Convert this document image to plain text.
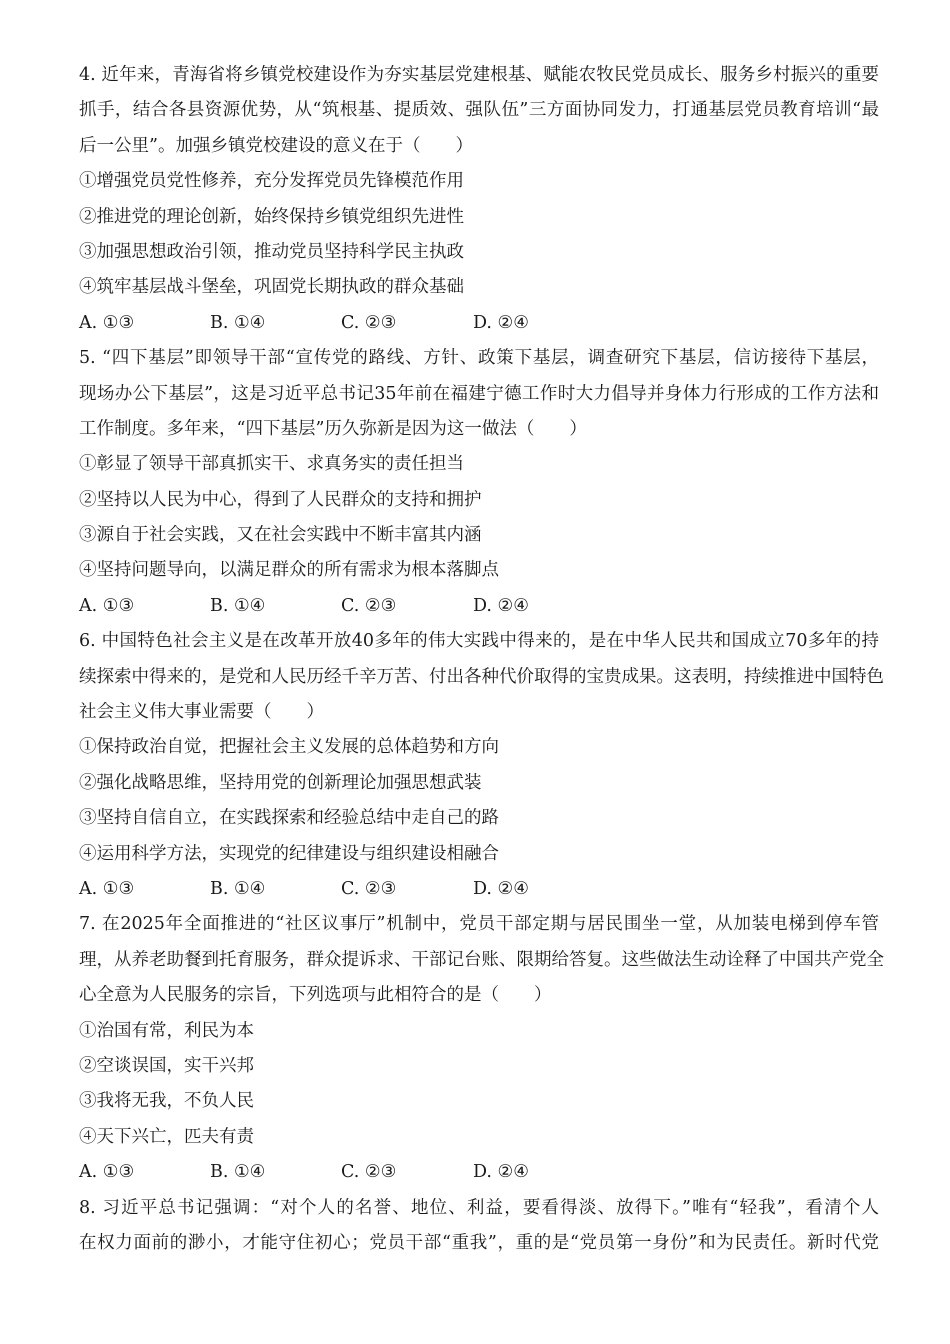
4. 近年来，青海省将乡镇党校建设作为夯实基层党建根基、赋能农牧民党员成长、服务乡村振兴的重要
抓手，结合各县资源优势，从“筑根基、提质效、强队伍”三方面协同发力，打通基层党员教育培训“最
后一公里”。加强乡镇党校建设的意义在于（　　）
①增强党员党性修养，充分发挥党员先锋模范作用
②推进党的理论创新，始终保持乡镇党组织先进性
③加强思想政治引领，推动党员坚持科学民主执政
④筑牢基层战斗堡垒，巩固党长期执政的群众基础
A. ①③	B. ①④	C. ②③	D. ②④
5. “四下基层”即领导干部“宣传党的路线、方针、政策下基层，调查研究下基层，信访接待下基层，
现场办公下基层”，这是习近平总书记35年前在福建宁德工作时大力倡导并身体力行形成的工作方法和
工作制度。多年来，“四下基层”历久弥新是因为这一做法（　　）
①彰显了领导干部真抓实干、求真务实的责任担当
②坚持以人民为中心，得到了人民群众的支持和拥护
③源自于社会实践，又在社会实践中不断丰富其内涵
④坚持问题导向，以满足群众的所有需求为根本落脚点
A. ①③	B. ①④	C. ②③	D. ②④
6. 中国特色社会主义是在改革开放40多年的伟大实践中得来的，是在中华人民共和国成立70多年的持
续探索中得来的，是党和人民历经千辛万苦、付出各种代价取得的宝贵成果。这表明，持续推进中国特色
社会主义伟大事业需要（　　）
①保持政治自觉，把握社会主义发展的总体趋势和方向
②强化战略思维，坚持用党的创新理论加强思想武装
③坚持自信自立，在实践探索和经验总结中走自己的路
④运用科学方法，实现党的纪律建设与组织建设相融合
A. ①③	B. ①④	C. ②③	D. ②④
7. 在2025年全面推进的“社区议事厅”机制中，党员干部定期与居民围坐一堂，从加装电梯到停车管
理，从养老助餐到托育服务，群众提诉求、干部记台账、限期给答复。这些做法生动诠释了中国共产党全
心全意为人民服务的宗旨，下列选项与此相符合的是（　　）
①治国有常，利民为本
②空谈误国，实干兴邦
③我将无我，不负人民
④天下兴亡，匹夫有责
A. ①③	B. ①④	C. ②③	D. ②④
8. 习近平总书记强调：“对个人的名誉、地位、利益，要看得淡、放得下。”唯有“轻我”，看清个人
在权力面前的渺小，才能守住初心；党员干部“重我”，重的是“党员第一身份”和为民责任。新时代党
